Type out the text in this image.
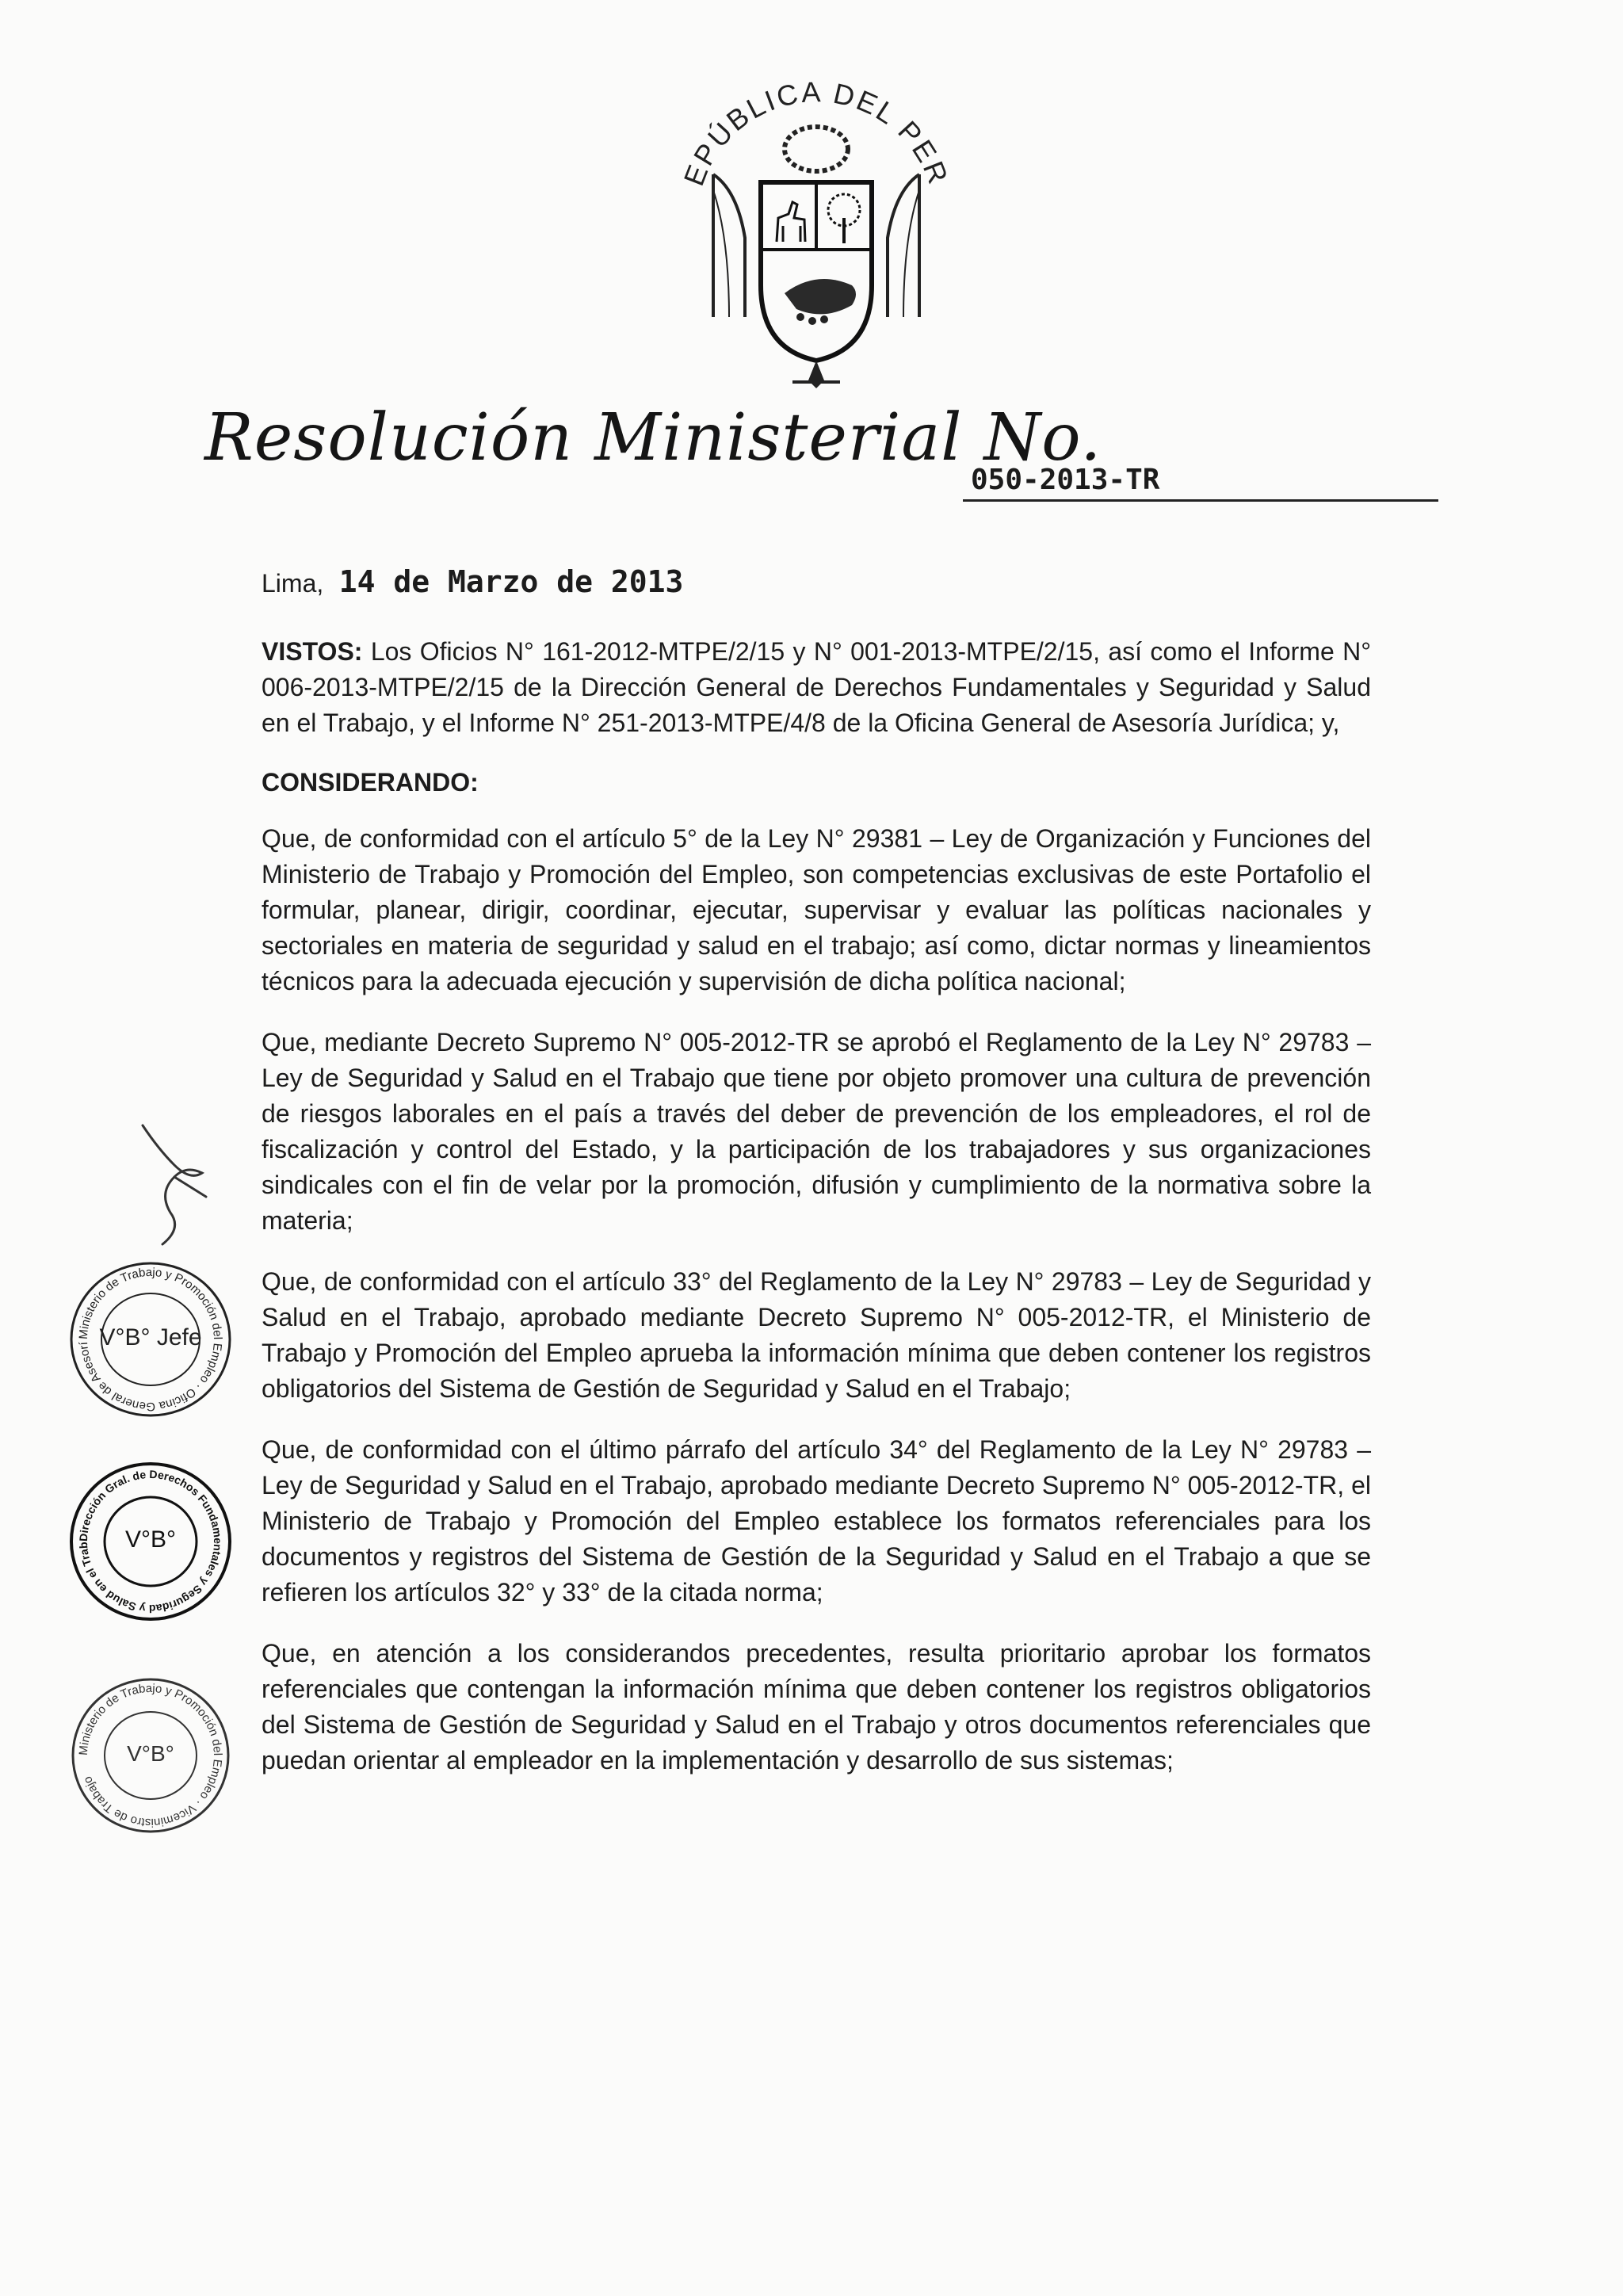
EPÚBLICA DEL PER
Resolución Ministerial No.
050-2013-TR
Lima, 14 de Marzo de 2013

VISTOS: Los Oficios N° 161-2012-MTPE/2/15 y N° 001-2013-MTPE/2/15, así como el Informe N° 006-2013-MTPE/2/15 de la Dirección General de Derechos Fundamentales y Seguridad y Salud en el Trabajo, y el Informe N° 251-2013-MTPE/4/8 de la Oficina General de Asesoría Jurídica; y,

CONSIDERANDO:

Que, de conformidad con el artículo 5° de la Ley N° 29381 – Ley de Organización y Funciones del Ministerio de Trabajo y Promoción del Empleo, son competencias exclusivas de este Portafolio el formular, planear, dirigir, coordinar, ejecutar, supervisar y evaluar las políticas nacionales y sectoriales en materia de seguridad y salud en el trabajo; así como, dictar normas y lineamientos técnicos para la adecuada ejecución y supervisión de dicha política nacional;

Que, mediante Decreto Supremo N° 005-2012-TR se aprobó el Reglamento de la Ley N° 29783 – Ley de Seguridad y Salud en el Trabajo que tiene por objeto promover una cultura de prevención de riesgos laborales en el país a través del deber de prevención de los empleadores, el rol de fiscalización y control del Estado, y la participación de los trabajadores y sus organizaciones sindicales con el fin de velar por la promoción, difusión y cumplimiento de la normativa sobre la materia;

Que, de conformidad con el artículo 33° del Reglamento de la Ley N° 29783 – Ley de Seguridad y Salud en el Trabajo, aprobado mediante Decreto Supremo N° 005-2012-TR, el Ministerio de Trabajo y Promoción del Empleo aprueba la información mínima que deben contener los registros obligatorios del Sistema de Gestión de Seguridad y Salud en el Trabajo;

Que, de conformidad con el último párrafo del artículo 34° del Reglamento de la Ley N° 29783 – Ley de Seguridad y Salud en el Trabajo, aprobado mediante Decreto Supremo N° 005-2012-TR, el Ministerio de Trabajo y Promoción del Empleo establece los formatos referenciales para los documentos y registros del Sistema de Gestión de la Seguridad y Salud en el Trabajo a que se refieren los artículos 32° y 33° de la citada norma;

Que, en atención a los considerandos precedentes, resulta prioritario aprobar los formatos referenciales que contengan la información mínima que deben contener los registros obligatorios del Sistema de Gestión de Seguridad y Salud en el Trabajo y otros documentos referenciales que puedan orientar al empleador en la implementación y desarrollo de sus sistemas;

Ministerio de Trabajo y Promoción del Empleo · Oficina General de Asesoría Jurídica
V°B° Jefe
Dirección Gral. de Derechos Fundamentales y Seguridad y Salud en el Trabajo · M.T.P.E.
V°B°
Ministerio de Trabajo y Promoción del Empleo · Viceministro de Trabajo
V°B°
